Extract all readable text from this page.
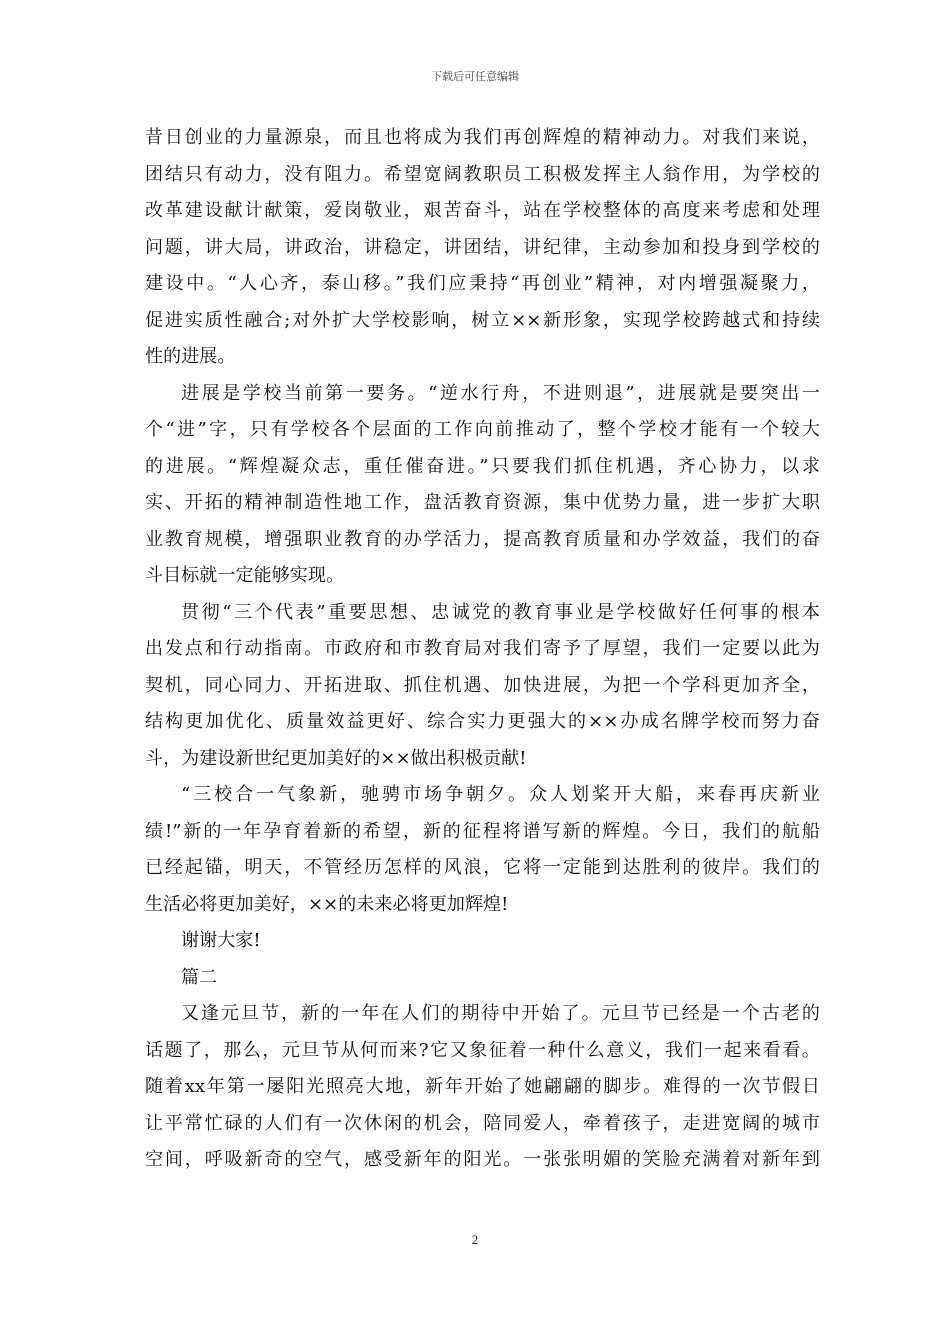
下载后可任意编辑
昔日创业的力量源泉，而且也将成为我们再创辉煌的精神动力。对我们来说，
团结只有动力，没有阻力。希望宽阔教职员工积极发挥主人翁作用，为学校的
改革建设献计献策，爱岗敬业，艰苦奋斗，站在学校整体的高度来考虑和处理
问题，讲大局，讲政治，讲稳定，讲团结，讲纪律，主动参加和投身到学校的
建设中。“人心齐，泰山移。”我们应秉持“再创业”精神，对内增强凝聚力，
促进实质性融合;对外扩大学校影响，树立××新形象，实现学校跨越式和持续
性的进展。
进展是学校当前第一要务。“逆水行舟，不进则退”，进展就是要突出一
个“进”字，只有学校各个层面的工作向前推动了，整个学校才能有一个较大
的进展。“辉煌凝众志，重任催奋进。”只要我们抓住机遇，齐心协力，以求
实、开拓的精神制造性地工作，盘活教育资源，集中优势力量，进一步扩大职
业教育规模，增强职业教育的办学活力，提高教育质量和办学效益，我们的奋
斗目标就一定能够实现。
贯彻“三个代表”重要思想、忠诚党的教育事业是学校做好任何事的根本
出发点和行动指南。市政府和市教育局对我们寄予了厚望，我们一定要以此为
契机，同心同力、开拓进取、抓住机遇、加快进展，为把一个学科更加齐全，
结构更加优化、质量效益更好、综合实力更强大的××办成名牌学校而努力奋
斗，为建设新世纪更加美好的××做出积极贡献!
“三校合一气象新，驰骋市场争朝夕。众人划桨开大船，来春再庆新业
绩!”新的一年孕育着新的希望，新的征程将谱写新的辉煌。今日，我们的航船
已经起锚，明天，不管经历怎样的风浪，它将一定能到达胜利的彼岸。我们的
生活必将更加美好，××的未来必将更加辉煌!
谢谢大家!
篇二
又逢元旦节，新的一年在人们的期待中开始了。元旦节已经是一个古老的
话题了，那么，元旦节从何而来?它又象征着一种什么意义，我们一起来看看。
随着xx年第一屡阳光照亮大地，新年开始了她翩翩的脚步。难得的一次节假日
让平常忙碌的人们有一次休闲的机会，陪同爱人，牵着孩子，走进宽阔的城市
空间，呼吸新奇的空气，感受新年的阳光。一张张明媚的笑脸充满着对新年到
2
